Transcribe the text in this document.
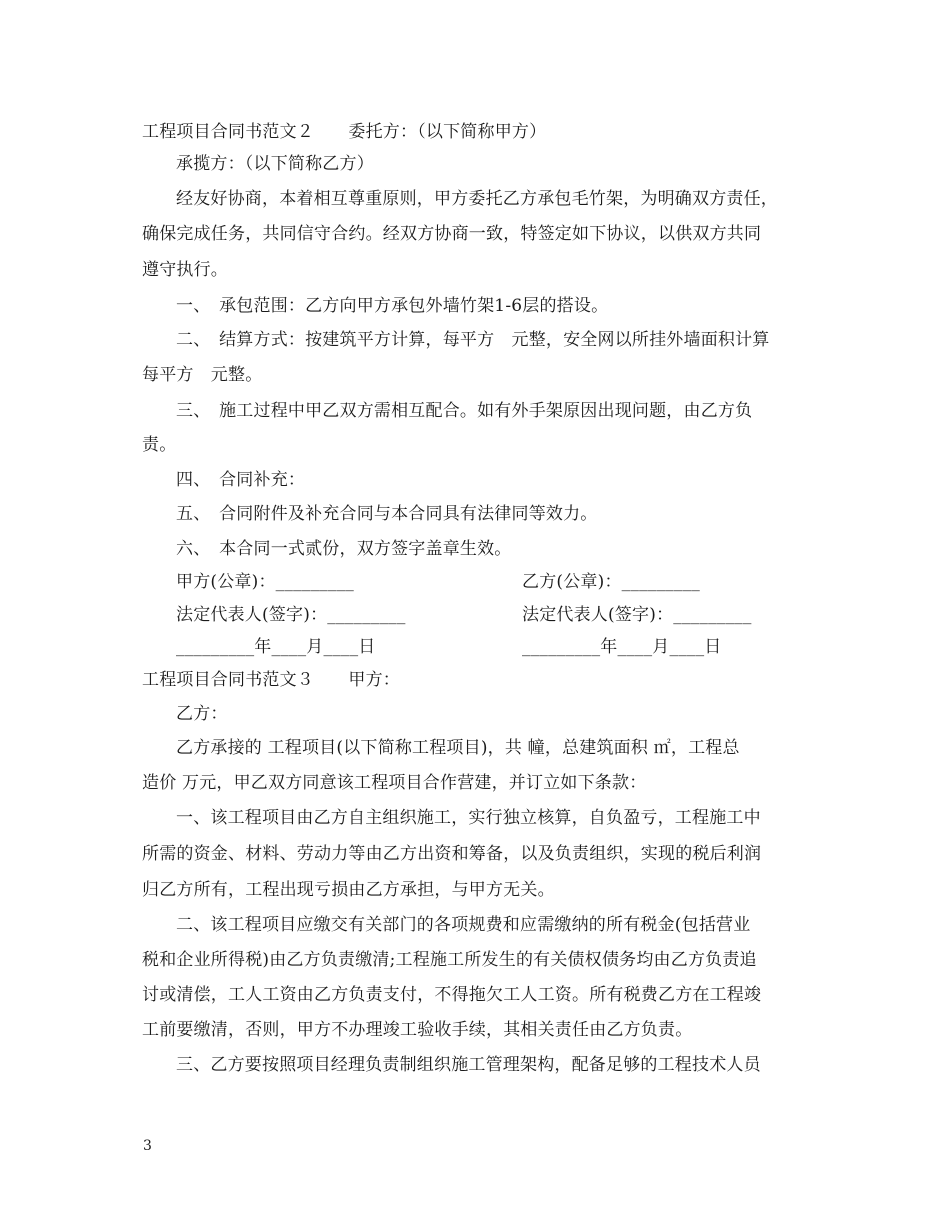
工程项目合同书范文２　　委托方：（以下简称甲方）
承揽方：（以下简称乙方）
经友好协商，本着相互尊重原则，甲方委托乙方承包毛竹架，为明确双方责任，
确保完成任务，共同信守合约。经双方协商一致，特签定如下协议，以供双方共同
遵守执行。
一、　承包范围：乙方向甲方承包外墙竹架1-6层的搭设。
二、　结算方式：按建筑平方计算，每平方　元整，安全网以所挂外墙面积计算
每平方　元整。
三、　施工过程中甲乙双方需相互配合。如有外手架原因出现问题，由乙方负
责。
四、　合同补充：
五、　合同附件及补充合同与本合同具有法律同等效力。
六、　本合同一式贰份，双方签字盖章生效。
甲方(公章)：_________	乙方(公章)：_________
法定代表人(签字)：_________	法定代表人(签字)：_________
_________年____月____日	_________年____月____日
工程项目合同书范文３　　甲方：
乙方：
乙方承接的 工程项目(以下简称工程项目)，共 幢，总建筑面积 ㎡，工程总
造价 万元，甲乙双方同意该工程项目合作营建，并订立如下条款：
一、该工程项目由乙方自主组织施工，实行独立核算，自负盈亏，工程施工中
所需的资金、材料、劳动力等由乙方出资和筹备，以及负责组织，实现的税后利润
归乙方所有，工程出现亏损由乙方承担，与甲方无关。
二、该工程项目应缴交有关部门的各项规费和应需缴纳的所有税金(包括营业
税和企业所得税)由乙方负责缴清;工程施工所发生的有关债权债务均由乙方负责追
讨或清偿，工人工资由乙方负责支付，不得拖欠工人工资。所有税费乙方在工程竣
工前要缴清，否则，甲方不办理竣工验收手续，其相关责任由乙方负责。
三、乙方要按照项目经理负责制组织施工管理架构，配备足够的工程技术人员
3
